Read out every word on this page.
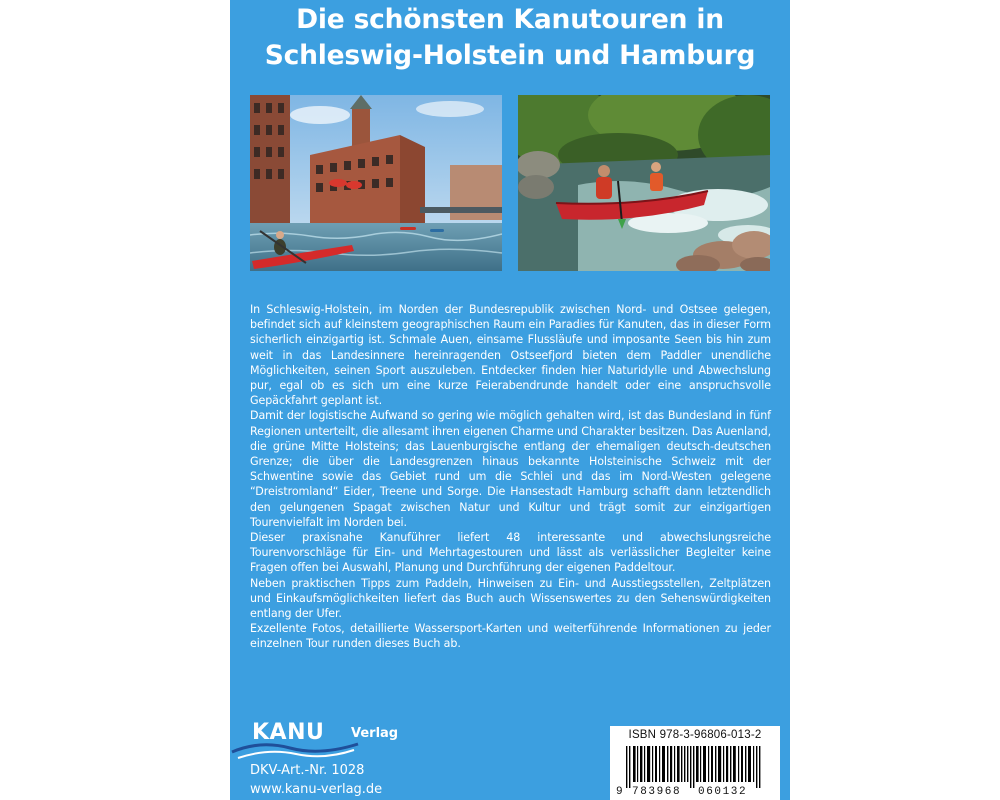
Die schönsten Kanutouren in
Schleswig-Holstein und Hamburg

In Schleswig-Holstein, im Norden der Bundesrepublik zwischen Nord- und Ostsee gelegen, befindet sich auf kleinstem geographischen Raum ein Paradies für Kanuten, das in dieser Form sicherlich einzigartig ist. Schmale Auen, einsame Flussläufe und imposante Seen bis hin zum weit in das Landesinnere hereinragenden Ostseefjord bieten dem Paddler unendliche Möglichkeiten, seinen Sport auszuleben. Entdecker finden hier Naturidylle und Abwechslung pur, egal ob es sich um eine kurze Feierabendrunde handelt oder eine anspruchsvolle Gepäckfahrt geplant ist.

Damit der logistische Aufwand so gering wie möglich gehalten wird, ist das Bundesland in fünf Regionen unterteilt, die allesamt ihren eigenen Charme und Charakter besitzen. Das Auenland, die grüne Mitte Holsteins; das Lauenburgische entlang der ehemaligen deutsch-deutschen Grenze; die über die Landesgrenzen hinaus bekannte Holsteinische Schweiz mit der Schwentine sowie das Gebiet rund um die Schlei und das im Nord-Westen gelegene “Dreistromland“ Eider, Treene und Sorge. Die Hansestadt Hamburg schafft dann letztendlich den gelungenen Spagat zwischen Natur und Kultur und trägt somit zur einzigartigen Tourenvielfalt im Norden bei.

Dieser praxisnahe Kanuführer liefert 48 interessante und abwechslungsreiche Tourenvorschläge für Ein- und Mehrtagestouren und lässt als verlässlicher Begleiter keine Fragen offen bei Auswahl, Planung und Durchführung der eigenen Paddeltour.

Neben praktischen Tipps zum Paddeln, Hinweisen zu Ein- und Ausstiegsstellen, Zeltplätzen und Einkaufsmöglichkeiten liefert das Buch auch Wissenswertes zu den Sehenswürdigkeiten entlang der Ufer.

Exzellente Fotos, detaillierte Wassersport-Karten und weiterführende Informationen zu jeder einzelnen Tour runden dieses Buch ab.

KANU Verlag
DKV-Art.-Nr. 1028
www.kanu-verlag.de
ISBN 978-3-96806-013-2
9 783968 060132
